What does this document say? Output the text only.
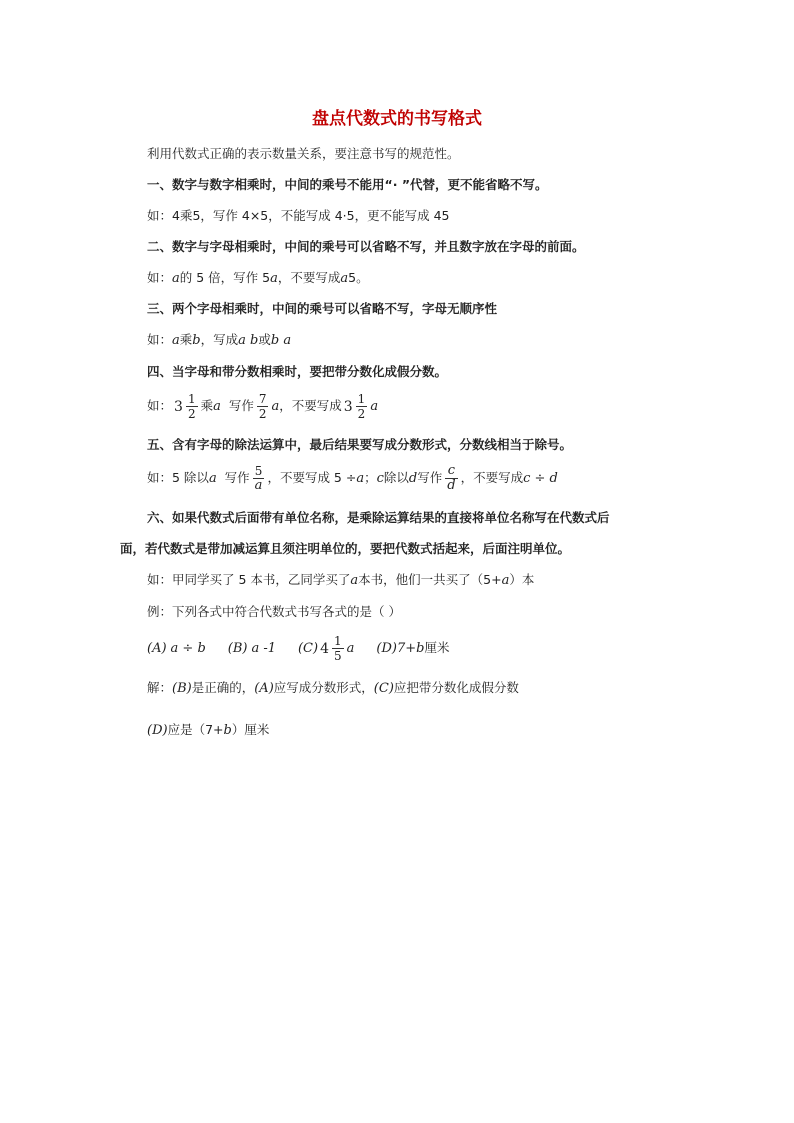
盘点代数式的书写格式
利用代数式正确的表示数量关系，要注意书写的规范性。
一、数字与数字相乘时，中间的乘号不能用“· ”代替，更不能省略不写。
如：4乘5，写作 4×5，不能写成 4·5，更不能写成 45
二、数字与字母相乘时，中间的乘号可以省略不写，并且数字放在字母的前面。
如：a的 5 倍，写作 5a，不要写成a5。
三、两个字母相乘时，中间的乘号可以省略不写，字母无顺序性
如：a乘b，写成a b或b a
四、当字母和带分数相乘时，要把带分数化成假分数。
如： $3 \frac{1}{2}$ 乘a 写作 $\frac{7}{2}$ a，不要写成 $3 \frac{1}{2}$ a
五、含有字母的除法运算中，最后结果要写成分数形式，分数线相当于除号。
如：5 除以a 写作 $\frac{5}{a}$ ，不要写成 5 ÷a；c除以d写作 $\frac{c}{d}$ ，不要写成c ÷ d
六、如果代数式后面带有单位名称，是乘除运算结果的直接将单位名称写在代数式后
面，若代数式是带加减运算且须注明单位的，要把代数式括起来，后面注明单位。
如：甲同学买了 5 本书，乙同学买了a本书，他们一共买了（5+a）本
例：下列各式中符合代数式书写各式的是（ ）
(A) a ÷ b (B) a -1 (C) $4 \frac{1}{5}$ a (D)7+b厘米
解：(B)是正确的，(A)应写成分数形式，(C)应把带分数化成假分数
(D)应是（7+b）厘米
